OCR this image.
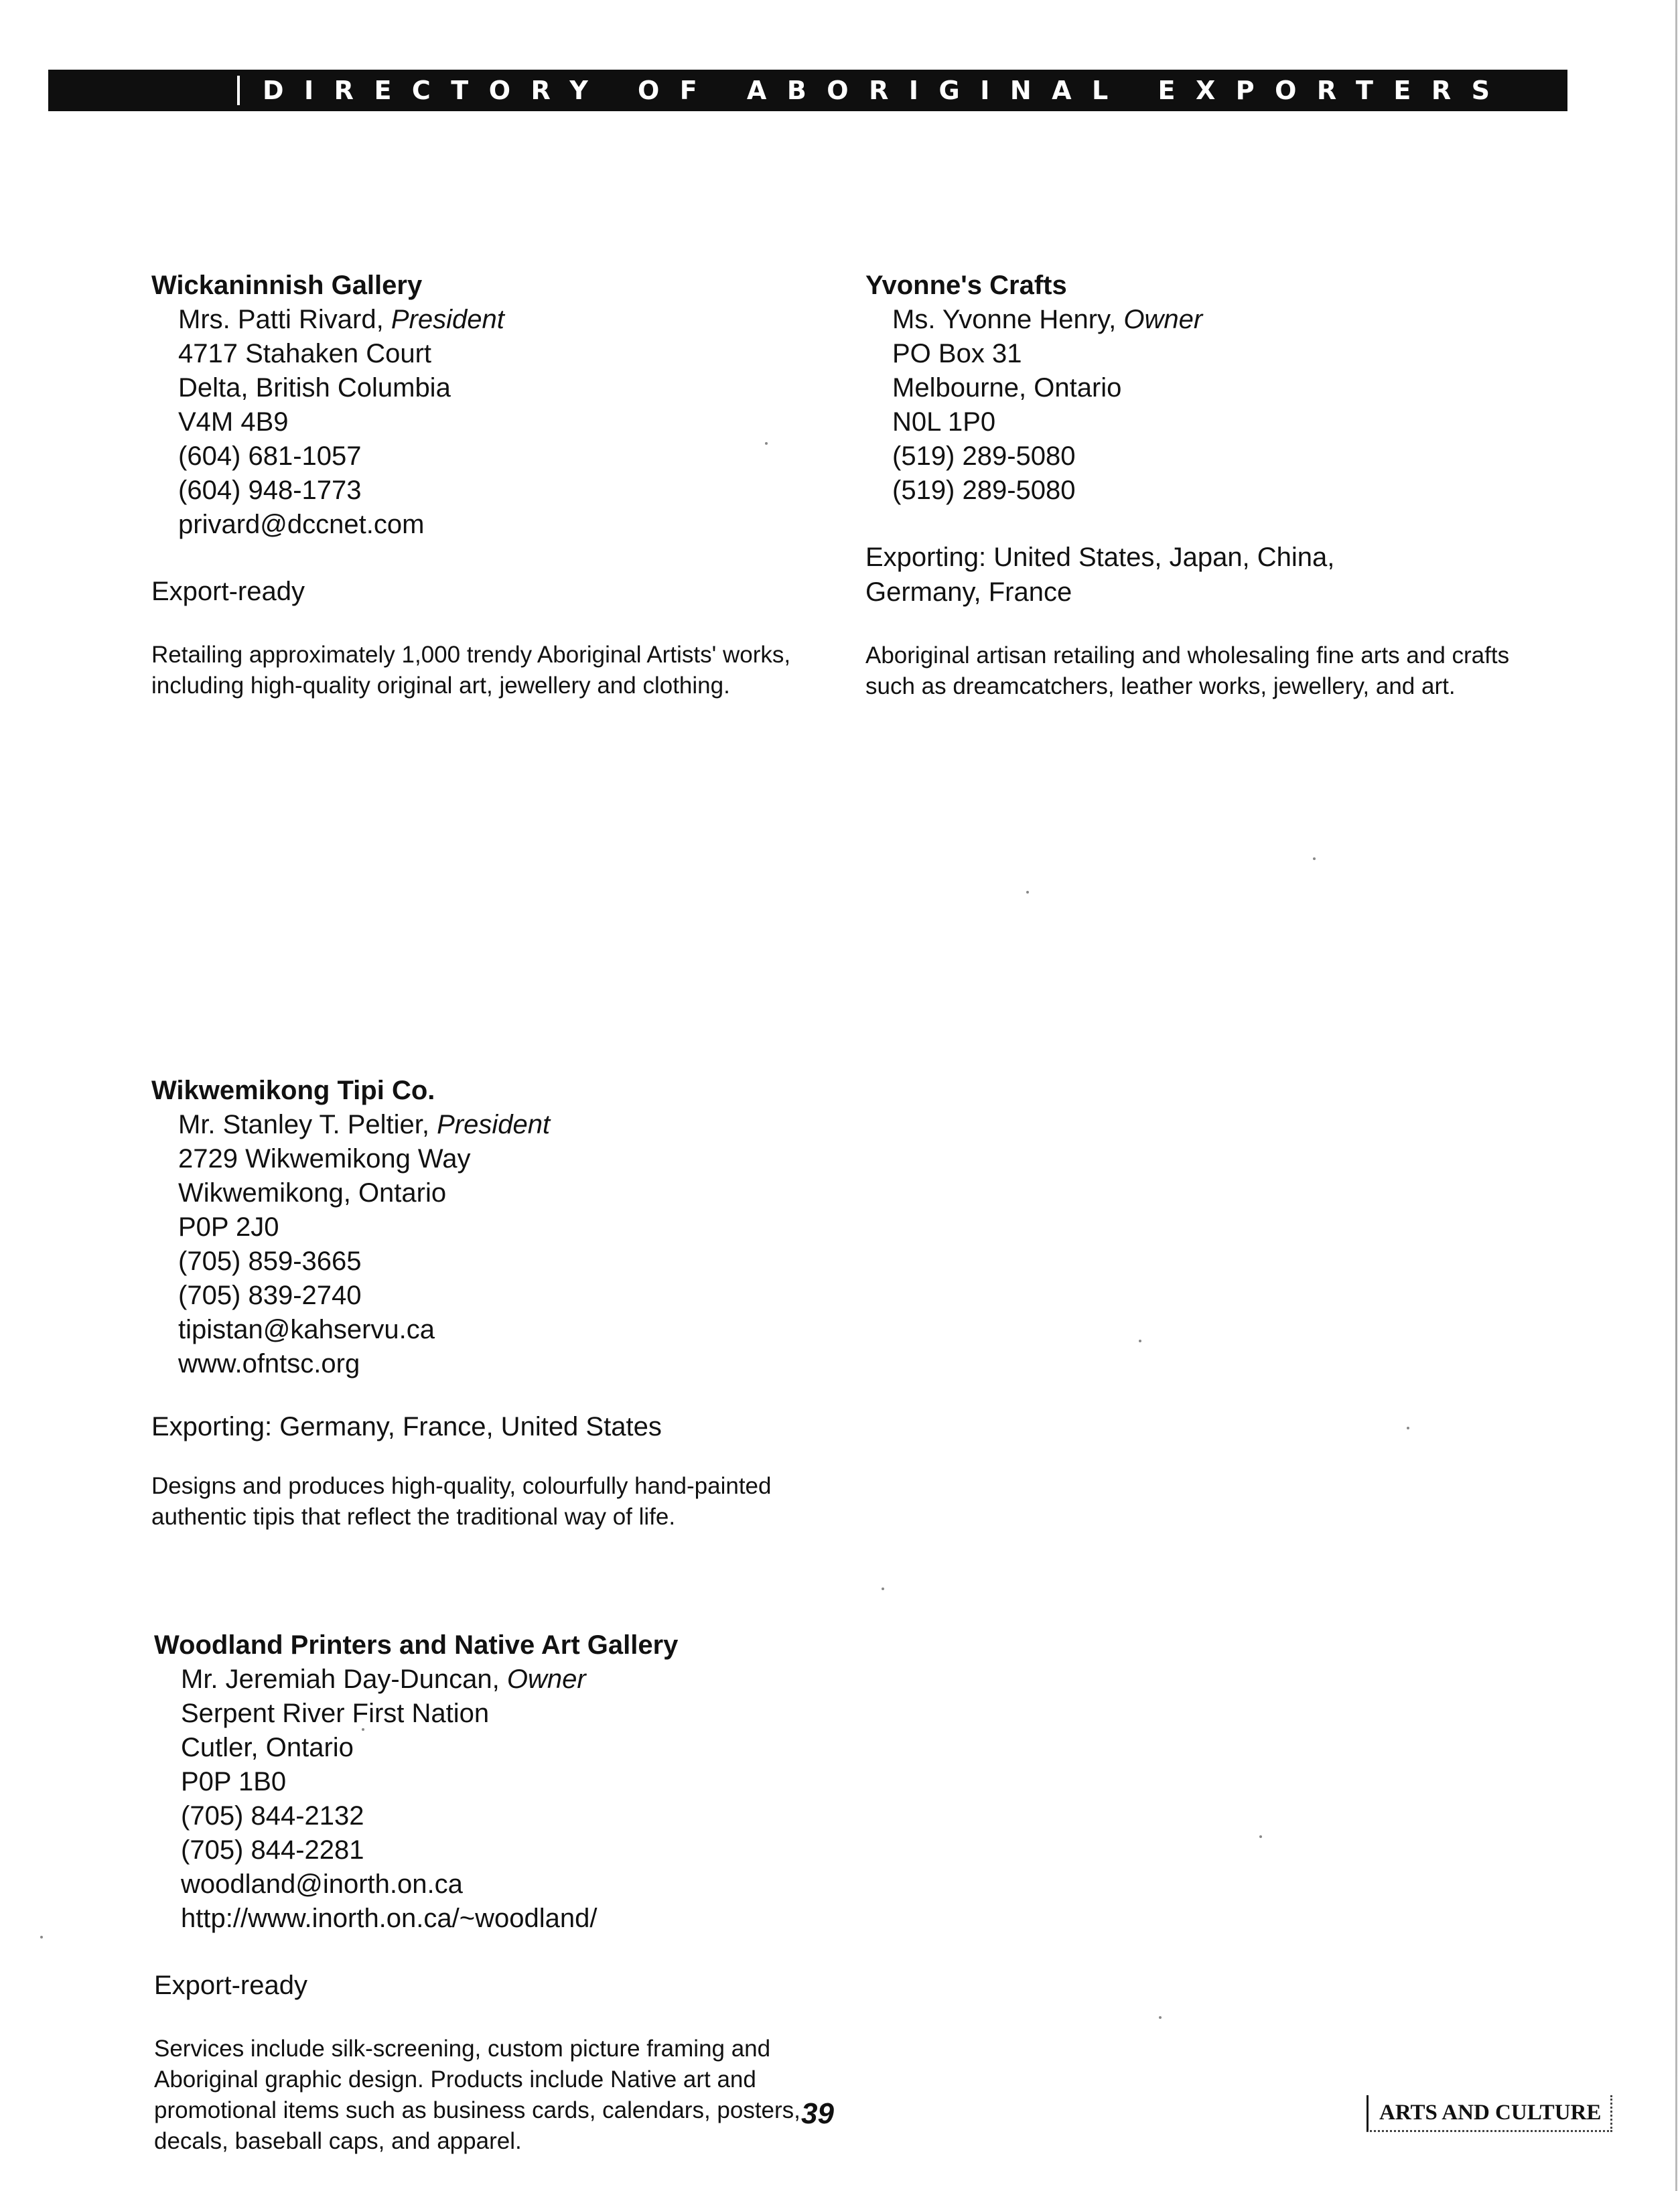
DIRECTORY OF ABORIGINAL EXPORTERS
Wickaninnish Gallery
Mrs. Patti Rivard, President
4717 Stahaken Court
Delta, British Columbia
V4M 4B9
(604) 681-1057
(604) 948-1773
privard@dccnet.com
Export-ready
Retailing approximately 1,000 trendy Aboriginal Artists' works, including high-quality original art, jewellery and clothing.
Wikwemikong Tipi Co.
Mr. Stanley T. Peltier, President
2729 Wikwemikong Way
Wikwemikong, Ontario
P0P 2J0
(705) 859-3665
(705) 839-2740
tipistan@kahservu.ca
www.ofntsc.org
Exporting: Germany, France, United States
Designs and produces high-quality, colourfully hand-painted authentic tipis that reflect the traditional way of life.
Woodland Printers and Native Art Gallery
Mr. Jeremiah Day-Duncan, Owner
Serpent River First Nation
Cutler, Ontario
P0P 1B0
(705) 844-2132
(705) 844-2281
woodland@inorth.on.ca
http://www.inorth.on.ca/~woodland/
Export-ready
Services include silk-screening, custom picture framing and Aboriginal graphic design. Products include Native art and promotional items such as business cards, calendars, posters, decals, baseball caps, and apparel.
Yvonne's Crafts
Ms. Yvonne Henry, Owner
PO Box 31
Melbourne, Ontario
N0L 1P0
(519) 289-5080
(519) 289-5080
Exporting: United States, Japan, China,
Germany, France
Aboriginal artisan retailing and wholesaling fine arts and crafts such as dreamcatchers, leather works, jewellery, and art.
39	ARTS AND CULTURE
